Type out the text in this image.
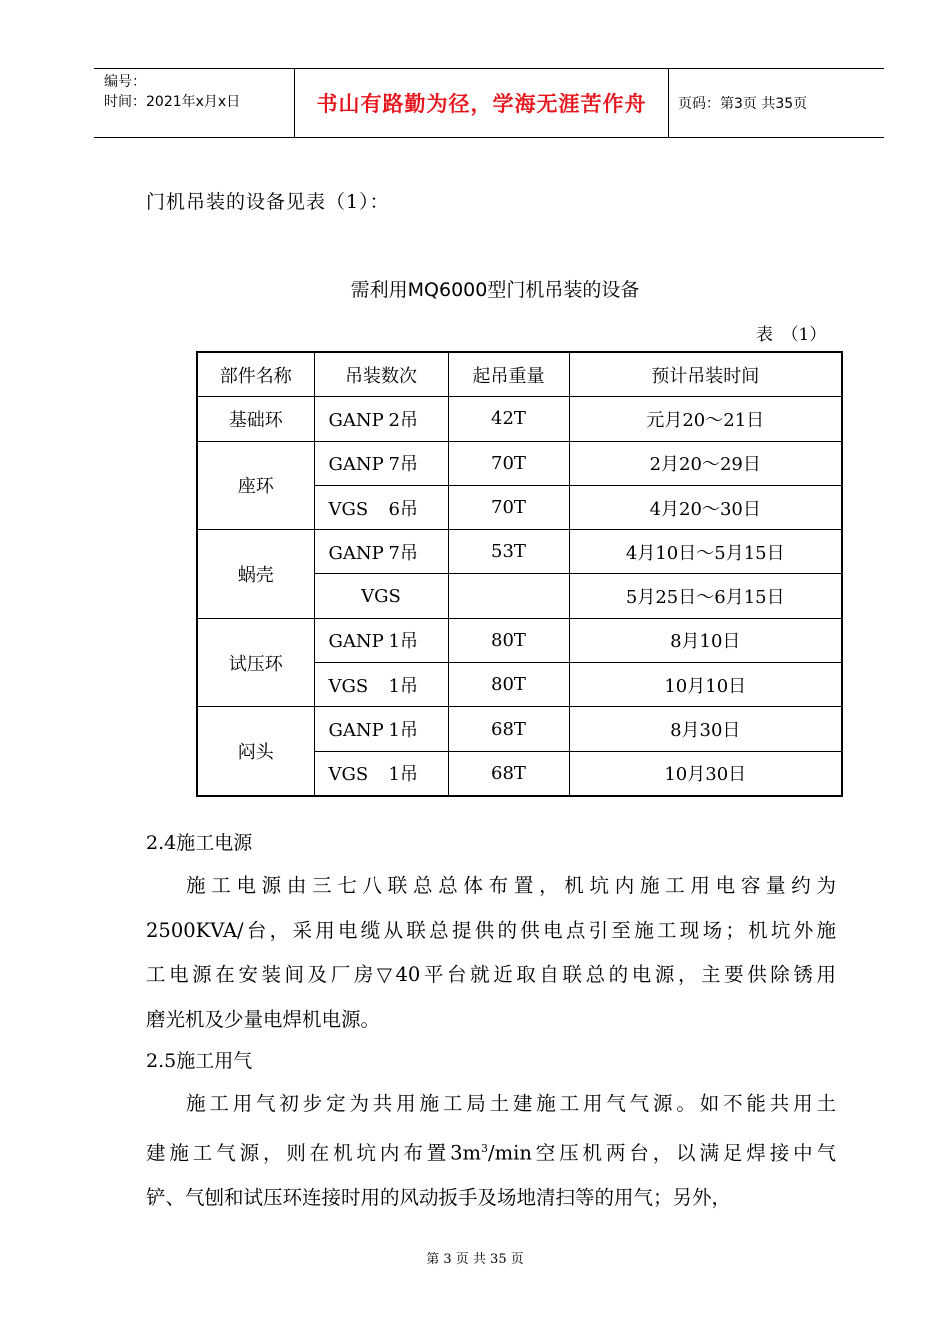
编号：
时间：2021年x月x日	书山有路勤为径，学海无涯苦作舟	页码：第3页 共35页
门机吊装的设备见表（1）：
需利用MQ6000型门机吊装的设备
表　（1）
部件名称	吊装数次	起吊重量	预计吊装时间
基础环	GANP 2吊	42T	元月20～21日
座环	GANP 7吊	70T	2月20～29日
	VGS 6吊	70T	4月20～30日
蜗壳	GANP 7吊	53T	4月10日～5月15日
	VGS		5月25日～6月15日
试压环	GANP 1吊	80T	8月10日
	VGS 1吊	80T	10月10日
闷头	GANP 1吊	68T	8月30日
	VGS 1吊	68T	10月30日
2.4施工电源

施工电源由三七八联总总体布置，机坑内施工用电容量约为

2500KVA/台，采用电缆从联总提供的供电点引至施工现场；机坑外施

工电源在安装间及厂房▽40平台就近取自联总的电源，主要供除锈用

磨光机及少量电焊机电源。

2.5施工用气

施工用气初步定为共用施工局土建施工用气气源。如不能共用土

建施工气源，则在机坑内布置$3m^3/\min$空压机两台，以满足焊接中气

铲、气刨和试压环连接时用的风动扳手及场地清扫等的用气；另外，

第 3 页 共 35 页
